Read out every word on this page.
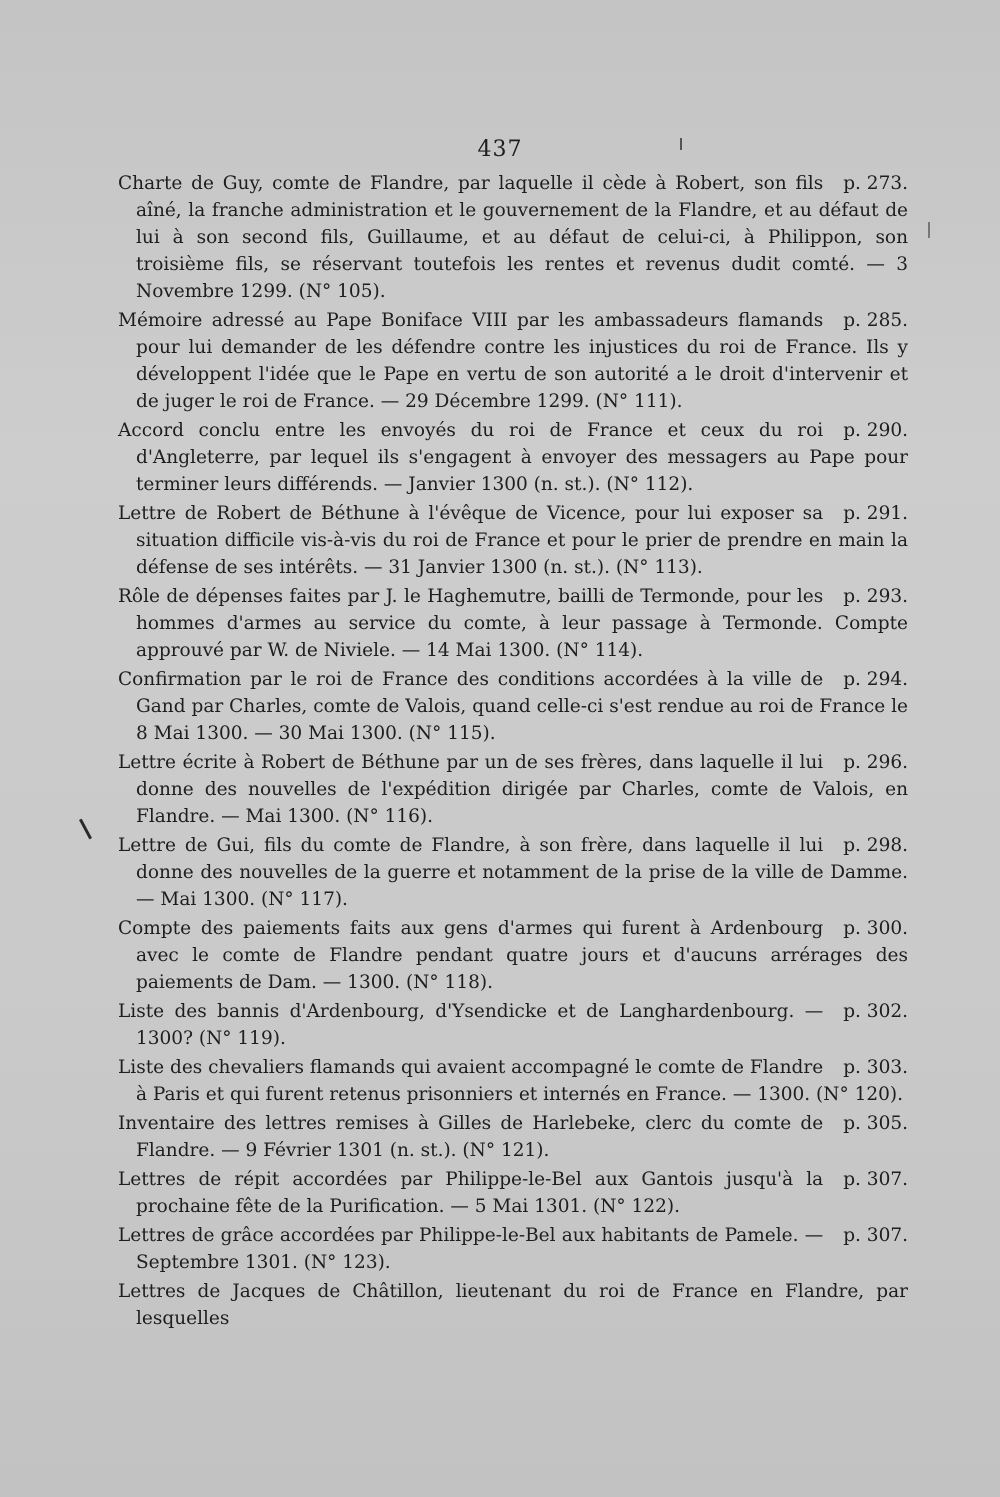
437
p. 273.
Charte de Guy, comte de Flandre, par laquelle il cède à Robert, son fils aîné, la franche administration et le gouvernement de la Flandre, et au défaut de lui à son second fils, Guillaume, et au défaut de celui-ci, à Philippon, son troisième fils, se réservant toutefois les rentes et revenus dudit comté. — 3 Novembre 1299. (N° 105).
p. 285.
Mémoire adressé au Pape Boniface VIII par les ambassadeurs flamands pour lui demander de les défendre contre les injustices du roi de France. Ils y développent l'idée que le Pape en vertu de son autorité a le droit d'intervenir et de juger le roi de France. — 29 Décembre 1299. (N° 111).
p. 290.
Accord conclu entre les envoyés du roi de France et ceux du roi d'Angleterre, par lequel ils s'engagent à envoyer des messagers au Pape pour terminer leurs différends. — Janvier 1300 (n. st.). (N° 112).
p. 291.
Lettre de Robert de Béthune à l'évêque de Vicence, pour lui exposer sa situation difficile vis-à-vis du roi de France et pour le prier de prendre en main la défense de ses intérêts. — 31 Janvier 1300 (n. st.). (N° 113).
p. 293.
Rôle de dépenses faites par J. le Haghemutre, bailli de Termonde, pour les hommes d'armes au service du comte, à leur passage à Termonde. Compte approuvé par W. de Niviele. — 14 Mai 1300. (N° 114).
p. 294.
Confirmation par le roi de France des conditions accordées à la ville de Gand par Charles, comte de Valois, quand celle-ci s'est rendue au roi de France le 8 Mai 1300. — 30 Mai 1300. (N° 115).
p. 296.
Lettre écrite à Robert de Béthune par un de ses frères, dans laquelle il lui donne des nouvelles de l'expédition dirigée par Charles, comte de Valois, en Flandre. — Mai 1300. (N° 116).
p. 298.
Lettre de Gui, fils du comte de Flandre, à son frère, dans laquelle il lui donne des nouvelles de la guerre et notamment de la prise de la ville de Damme. — Mai 1300. (N° 117).
p. 300.
Compte des paiements faits aux gens d'armes qui furent à Ardenbourg avec le comte de Flandre pendant quatre jours et d'aucuns arrérages des paiements de Dam. — 1300. (N° 118).
p. 302.
Liste des bannis d'Ardenbourg, d'Ysendicke et de Langhardenbourg. — 1300? (N° 119).
p. 303.
Liste des chevaliers flamands qui avaient accompagné le comte de Flandre à Paris et qui furent retenus prisonniers et internés en France. — 1300. (N° 120).
p. 305.
Inventaire des lettres remises à Gilles de Harlebeke, clerc du comte de Flandre. — 9 Février 1301 (n. st.). (N° 121).
p. 307.
Lettres de répit accordées par Philippe-le-Bel aux Gantois jusqu'à la prochaine fête de la Purification. — 5 Mai 1301. (N° 122).
p. 307.
Lettres de grâce accordées par Philippe-le-Bel aux habitants de Pamele. — Septembre 1301. (N° 123).
Lettres de Jacques de Châtillon, lieutenant du roi de France en Flandre, par lesquelles
